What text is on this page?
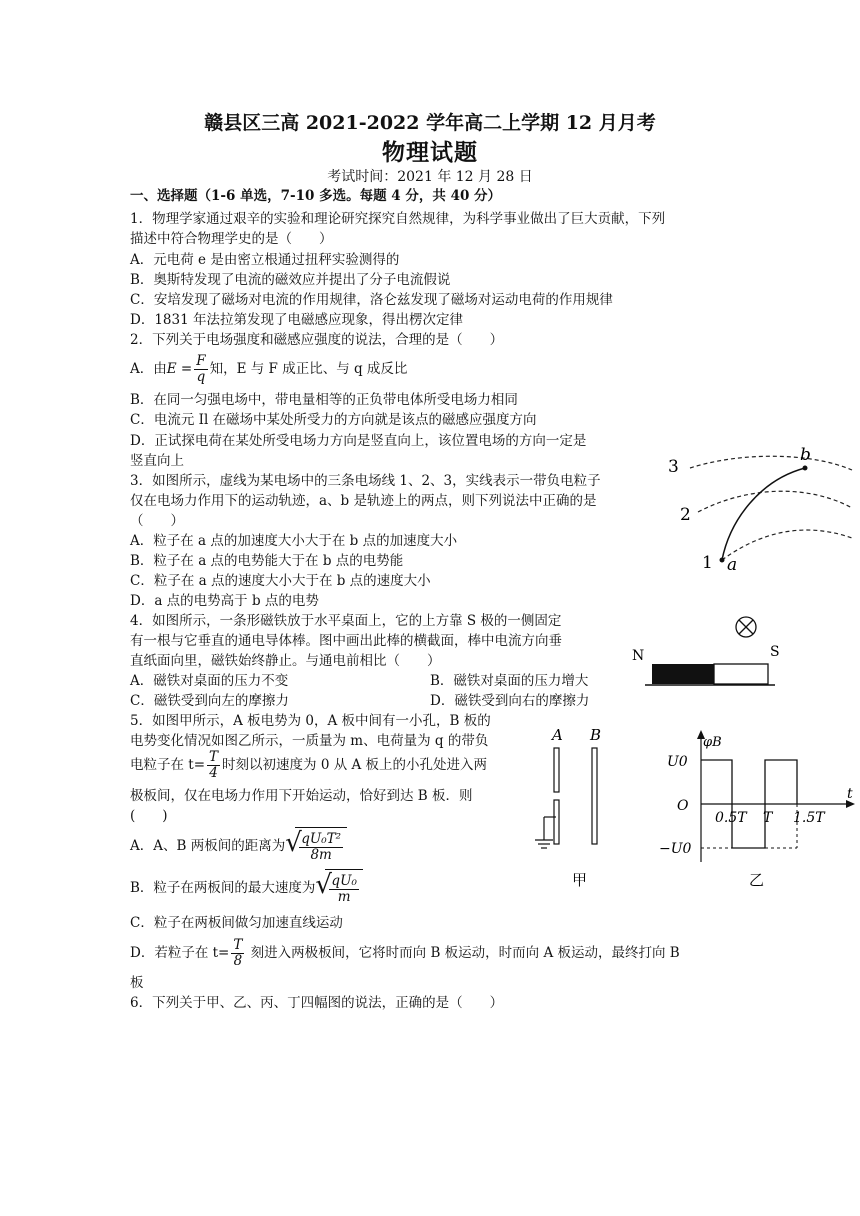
赣县区三高 2021-2022 学年高二上学期 12 月月考
物理试题
考试时间：2021 年 12 月 28 日
一、选择题（1-6 单选，7-10 多选。每题 4 分，共 40 分）
1．物理学家通过艰辛的实验和理论研究探究自然规律，为科学事业做出了巨大贡献，下列
描述中符合物理学史的是（　　）
A．元电荷 e 是由密立根通过扭秤实验测得的
B．奥斯特发现了电流的磁效应并提出了分子电流假说
C．安培发现了磁场对电流的作用规律，洛仑兹发现了磁场对运动电荷的作用规律
D．1831 年法拉第发现了电磁感应现象，得出楞次定律
2．下列关于电场强度和磁感应强度的说法，合理的是（　　）
A．由$E = \frac{F}{q}$ 知，E 与 F 成正比、与 q 成反比
B．在同一匀强电场中，带电量相等的正负带电体所受电场力相同
C．电流元 Il 在磁场中某处所受力的方向就是该点的磁感应强度方向
D．正试探电荷在某处所受电场力方向是竖直向上，该位置电场的方向一定是
竖直向上
3．如图所示，虚线为某电场中的三条电场线 1、2、3，实线表示一带负电粒子
仅在电场力作用下的运动轨迹，a、b 是轨迹上的两点，则下列说法中正确的是
（　　）
A．粒子在 a 点的加速度大小大于在 b 点的加速度大小
B．粒子在 a 点的电势能大于在 b 点的电势能
C．粒子在 a 点的速度大小大于在 b 点的速度大小
D．a 点的电势高于 b 点的电势
3
2
1 a
b
4．如图所示，一条形磁铁放于水平桌面上，它的上方靠 S 极的一侧固定
有一根与它垂直的通电导体棒。图中画出此棒的横截面，棒中电流方向垂
直纸面向里，磁铁始终静止。与通电前相比（　　）
A．磁铁对桌面的压力不变	B．磁铁对桌面的压力增大
C．磁铁受到向左的摩擦力	D．磁铁受到向右的摩擦力
N	S
5．如图甲所示，A 板电势为 0，A 板中间有一小孔，B 板的
电势变化情况如图乙所示，一质量为 m、电荷量为 q 的带负
电粒子在 $t= \frac{T}{4}$ 时刻以初速度为 0 从 A 板上的小孔处进入两
极板间，仅在电场力作用下开始运动，恰好到达 B 板．则
(　　)
A．A、B 两板间的距离为 √
$\frac{\text{qU₀T²}}{8m}$
B．粒子在两板间的最大速度为 √
$\frac{\text{qU₀}}{m}$
C．粒子在两板间做匀加速直线运动
D．若粒子在 $t= \frac{T}{8}$ 刻进入两极板间，它将时而向 B 板运动，时而向 A 板运动，最终打向 B
板
A B
甲
φB
U0
O
−U0
0.5T T 1.5T
t
乙
6．下列关于甲、乙、丙、丁四幅图的说法，正确的是（　　）
